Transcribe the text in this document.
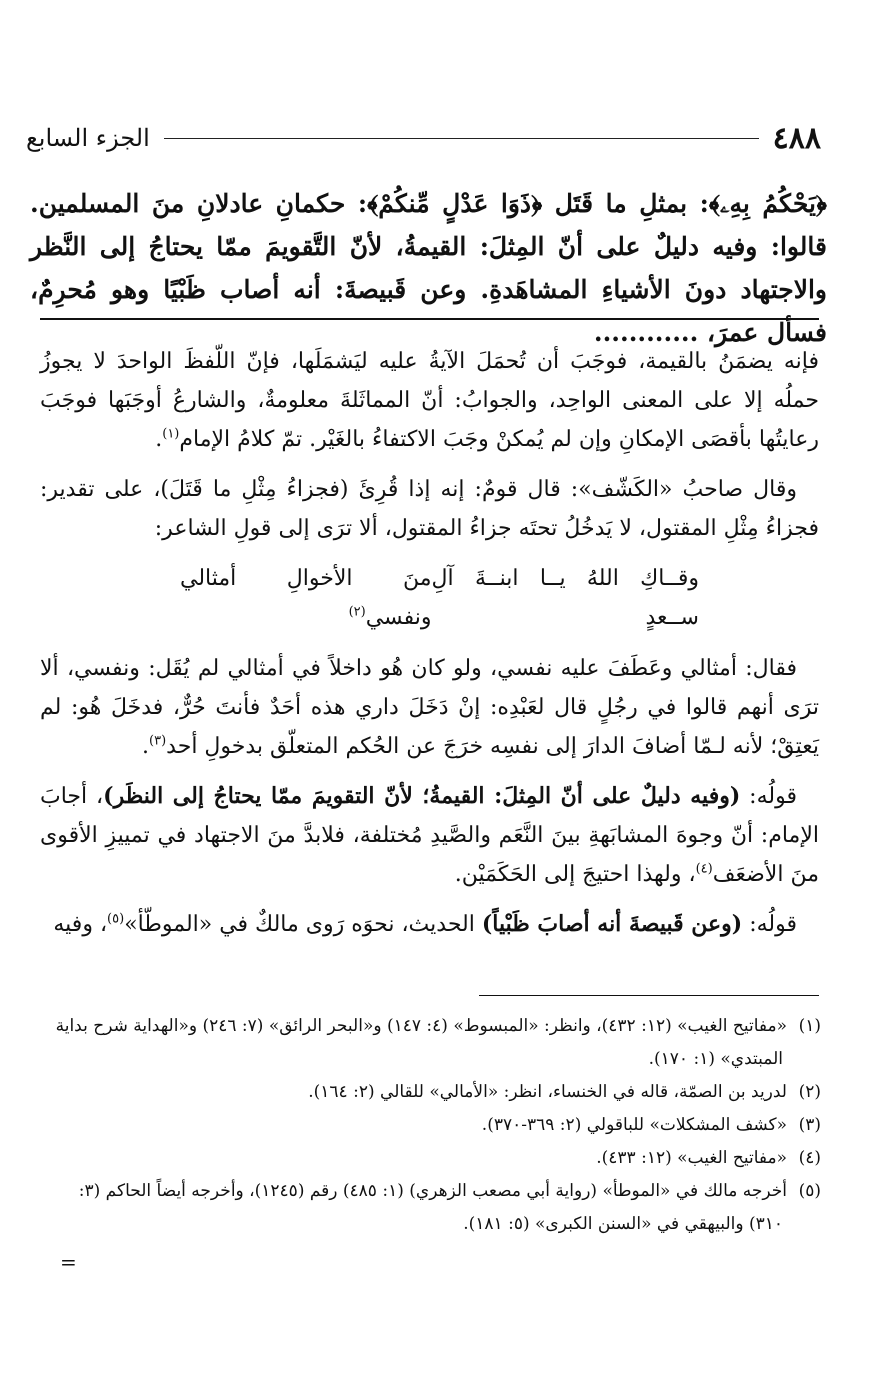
٤٨٨
الجزء السابع

﴿يَحْكُمُ بِهِۦ﴾: بمثلِ ما قَتَل ﴿ذَوَا عَدْلٍ مِّنكُمْ﴾: حكمانِ عادلانِ منَ المسلمين. قالوا: وفيه دليلٌ على أنّ المِثلَ: القيمةُ، لأنّ التَّقويمَ ممّا يحتاجُ إلى النَّظر والاجتهاد دونَ الأشياءِ المشاهَدةِ. وعن قَبيصةَ: أنه أصاب ظَبْيًا وهو مُحرِمٌ، فسأل عمرَ، ............

فإنه يضمَنُ بالقيمة، فوجَبَ أن تُحمَلَ الآيةُ عليه ليَشمَلَها، فإنّ اللّفظَ الواحدَ لا يجوزُ حملُه إلا على المعنى الواحِد، والجوابُ: أنّ المماثَلةَ معلومةٌ، والشارعُ أوجَبَها فوجَبَ رعايتُها بأقصَى الإمكانِ وإن لم يُمكنْ وجَبَ الاكتفاءُ بالغَيْر. تمّ كلامُ الإمام$^{(١)}$.

وقال صاحبُ «الكَشّف»: قال قومٌ: إنه إذا قُرِئَ (فجزاءُ مِثْلِ ما قَتَلَ)، على تقدير: فجزاءُ مِثْلِ المقتول، لا يَدخُلُ تحتَه جزاءُ المقتول، ألا ترَى إلى قولِ الشاعر:

وقــاكِ اللهُ يــا ابنــةَ آلِ ســعدٍ
منَ الأخوالِ أمثالي ونفسي$^{(٢)}$

فقال: أمثالي وعَطَفَ عليه نفسي، ولو كان هُو داخلاً في أمثالي لم يُقَل: ونفسي، ألا ترَى أنهم قالوا في رجُلٍ قال لعَبْدِه: إنْ دَخَلَ داري هذه أحَدٌ فأنتَ حُرٌّ، فدخَلَ هُو: لم يَعتِقْ؛ لأنه لـمّا أضافَ الدارَ إلى نفسِه خرَجَ عن الحُكم المتعلّق بدخولِ أحد$^{(٣)}$.

قولُه: (وفيه دليلٌ على أنّ المِثلَ: القيمةُ؛ لأنّ التقويمَ ممّا يحتاجُ إلى النظَر)، أجابَ الإمام: أنّ وجوهَ المشابَهةِ بينَ النَّعَم والصَّيدِ مُختلفة، فلابدَّ منَ الاجتهاد في تمييزِ الأقوى منَ الأضعَف$^{(٤)}$، ولهذا احتيجَ إلى الحَكَمَيْن.

قولُه: (وعن قَبيصةَ أنه أصابَ ظَبْياً) الحديث، نحوَه رَوى مالكٌ في «الموطّأ»$^{(٥)}$، وفيه

(١)«مفاتيح الغيب» (١٢: ٤٣٢)، وانظر: «المبسوط» (٤: ١٤٧) و«البحر الرائق» (٧: ٢٤٦) و«الهداية شرح بداية المبتدي» (١: ١٧٠).

(٢)لدريد بن الصمّة، قاله في الخنساء، انظر: «الأمالي» للقالي (٢: ١٦٤).

(٣)«كشف المشكلات» للباقولي (٢: ٣٦٩-٣٧٠).

(٤)«مفاتيح الغيب» (١٢: ٤٣٣).

(٥)أخرجه مالك في «الموطأ» (رواية أبي مصعب الزهري) (١: ٤٨٥) رقم (١٢٤٥)، وأخرجه أيضاً الحاكم (٣: ٣١٠) والبيهقي في «السنن الكبرى» (٥: ١٨١).

=
